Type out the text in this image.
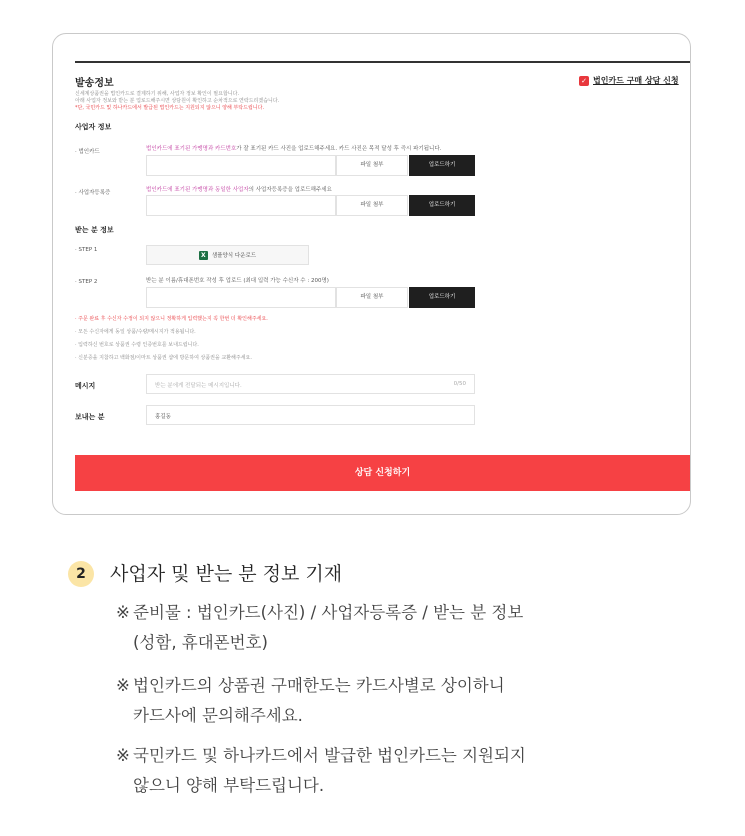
발송정보	✓ 법인카드 구매 상담 신청
신세계상품권을 법인카드로 결제하기 위해, 사업자 정보 확인이 필요합니다.
아래 사업자 정보와 받는 분 업로드해주시면 상담원이 확인하고 순차적으로 연락드리겠습니다.
*단, 국민카드 및 하나카드에서 발급된 법인카드는 지원되지 않으니 양해 부탁드립니다.
사업자 정보
· 법인카드	법인카드에 표기된 가맹명과 카드번호가 잘 표기된 카드 사진을 업로드해주세요. 카드 사진은 목적 달성 후 즉시 파기됩니다.
파일 첨부	업로드하기
· 사업자등록증	법인카드에 표기된 가맹명과 동일한 사업자의 사업자등록증을 업로드해주세요
파일 첨부	업로드하기
받는 분 정보
· STEP 1
X	샘플양식 다운로드
· STEP 2	받는 분 이름/휴대폰번호 작성 후 업로드 (최대 입력 가능 수신자 수 : 200명)
파일 첨부	업로드하기
· 주문 완료 후 수신자 수정이 되지 않으니 정확하게 입력했는지 꼭 한번 더 확인해주세요.
· 모든 수신자에게 동일 상품/수량/메시지가 적용됩니다.
· 입력하신 번호로 상품권 수령 인증번호를 보내드립니다.
· 신분증을 지참하고 백화점/이마트 상품권 샵에 방문하여 상품권을 교환해주세요.
메시지	받는 분에게 전달되는 메시지입니다.	0/50
보내는 분	홍길동
상담 신청하기
2	사업자 및 받는 분 정보 기재
※ 준비물 : 법인카드(사진) / 사업자등록증 / 받는 분 정보
(성함, 휴대폰번호)
※ 법인카드의 상품권 구매한도는 카드사별로 상이하니
카드사에 문의해주세요.
※ 국민카드 및 하나카드에서 발급한 법인카드는 지원되지
않으니 양해 부탁드립니다.
